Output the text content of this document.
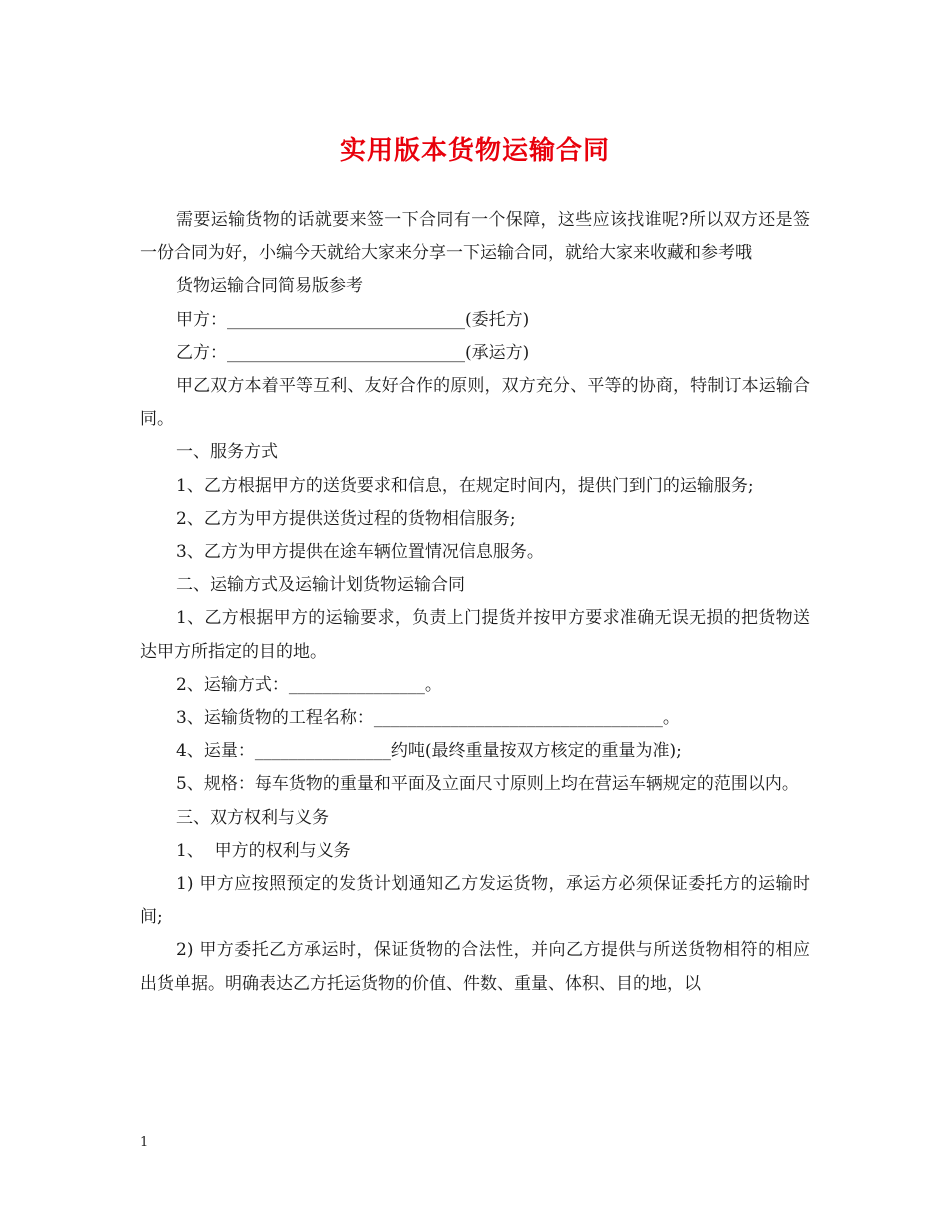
实用版本货物运输合同

需要运输货物的话就要来签一下合同有一个保障，这些应该找谁呢?所以双方还是签一份合同为好，小编今天就给大家来分享一下运输合同，就给大家来收藏和参考哦

货物运输合同简易版参考

甲方：____________________________(委托方)

乙方：____________________________(承运方)

甲乙双方本着平等互利、友好合作的原则，双方充分、平等的协商，特制订本运输合同。

一、服务方式

1、乙方根据甲方的送货要求和信息，在规定时间内，提供门到门的运输服务;

2、乙方为甲方提供送货过程的货物相信服务;

3、乙方为甲方提供在途车辆位置情况信息服务。

二、运输方式及运输计划货物运输合同

1、乙方根据甲方的运输要求，负责上门提货并按甲方要求准确无误无损的把货物送达甲方所指定的目的地。

2、运输方式：________________。

3、运输货物的工程名称：__________________________________。

4、运量：________________约吨(最终重量按双方核定的重量为准);

5、规格：每车货物的重量和平面及立面尺寸原则上均在营运车辆规定的范围以内。

三、双方权利与义务

1、  甲方的权利与义务

1) 甲方应按照预定的发货计划通知乙方发运货物，承运方必须保证委托方的运输时间;

2) 甲方委托乙方承运时，保证货物的合法性，并向乙方提供与所送货物相符的相应出货单据。明确表达乙方托运货物的价值、件数、重量、体积、目的地，以

1
